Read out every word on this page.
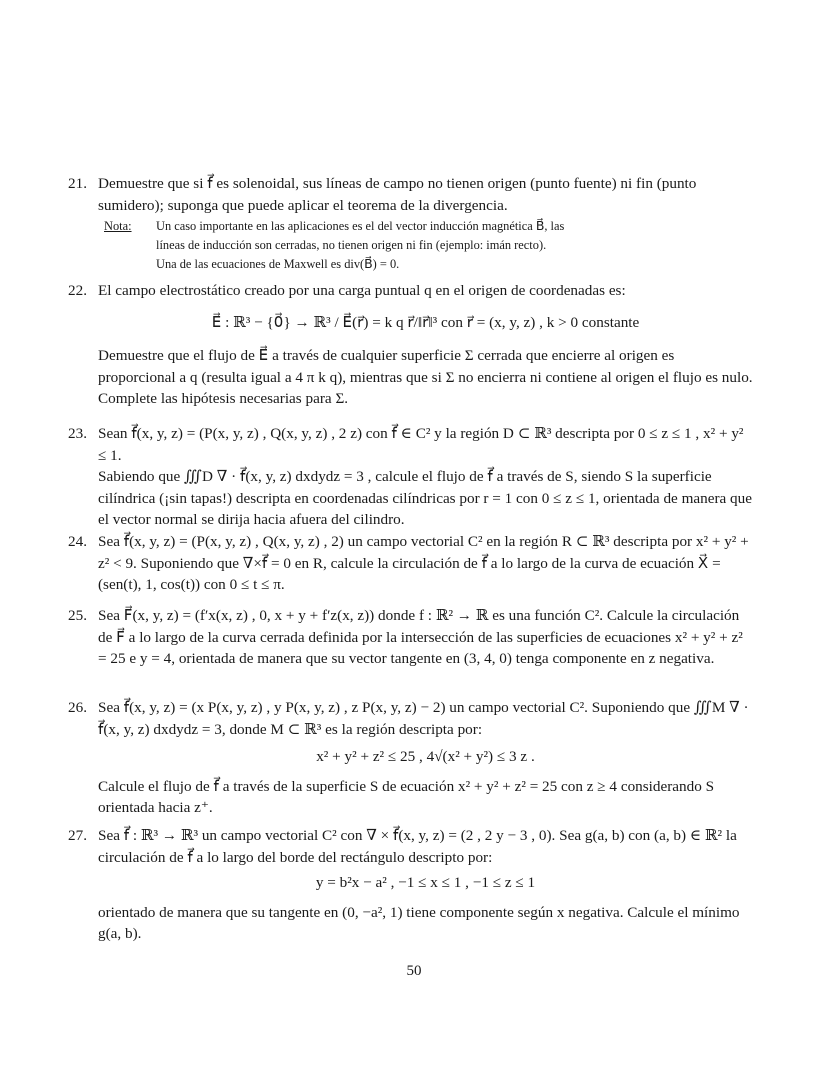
21. Demuestre que si f⃗ es solenoidal, sus líneas de campo no tienen origen (punto fuente) ni fin (punto sumidero); suponga que puede aplicar el teorema de la divergencia.
Nota: Un caso importante en las aplicaciones es el del vector inducción magnética B⃗, las
líneas de inducción son cerradas, no tienen origen ni fin (ejemplo: imán recto).
Una de las ecuaciones de Maxwell es div(B⃗) = 0.
22. El campo electrostático creado por una carga puntual q en el origen de coordenadas es:
E⃗ : ℝ³ − {0⃗} → ℝ³ / E⃗(r⃗) = k q r⃗/‖r⃗‖³ con r⃗ = (x, y, z) , k > 0 constante
Demuestre que el flujo de E⃗ a través de cualquier superficie Σ cerrada que encierre al origen es proporcional a q (resulta igual a 4 π k q), mientras que si Σ no encierra ni contiene al origen el flujo es nulo. Complete las hipótesis necesarias para Σ.
23. Sean f⃗(x, y, z) = (P(x, y, z) , Q(x, y, z) , 2 z) con f⃗ ∈ C² y la región D ⊂ ℝ³ descripta por 0 ≤ z ≤ 1 , x² + y² ≤ 1.
Sabiendo que ∭D ∇ · f⃗(x, y, z) dxdydz = 3 , calcule el flujo de f⃗ a través de S, siendo S la superficie cilíndrica (¡sin tapas!) descripta en coordenadas cilíndricas por r = 1 con 0 ≤ z ≤ 1, orientada de manera que el vector normal se dirija hacia afuera del cilindro.
24. Sea f⃗(x, y, z) = (P(x, y, z) , Q(x, y, z) , 2) un campo vectorial C² en la región R ⊂ ℝ³ descripta por x² + y² + z² < 9. Suponiendo que ∇×f⃗ = 0 en R, calcule la circulación de f⃗ a lo largo de la curva de ecuación X⃗ = (sen(t), 1, cos(t)) con 0 ≤ t ≤ π.
25. Sea F⃗(x, y, z) = (f′x(x, z) , 0, x + y + f′z(x, z)) donde f : ℝ² → ℝ es una función C². Calcule la circulación de F⃗ a lo largo de la curva cerrada definida por la intersección de las superficies de ecuaciones x² + y² + z² = 25 e y = 4, orientada de manera que su vector tangente en (3, 4, 0) tenga componente en z negativa.
26. Sea f⃗(x, y, z) = (x P(x, y, z) , y P(x, y, z) , z P(x, y, z) − 2) un campo vectorial C². Suponiendo que ∭M ∇ · f⃗(x, y, z) dxdydz = 3, donde M ⊂ ℝ³ es la región descripta por:
x² + y² + z² ≤ 25 , 4√(x² + y²) ≤ 3 z .
Calcule el flujo de f⃗ a través de la superficie S de ecuación x² + y² + z² = 25 con z ≥ 4 considerando S orientada hacia z⁺.
27. Sea f⃗ : ℝ³ → ℝ³ un campo vectorial C² con ∇ × f⃗(x, y, z) = (2 , 2 y − 3 , 0). Sea g(a, b) con (a, b) ∈ ℝ² la circulación de f⃗ a lo largo del borde del rectángulo descripto por:
y = b²x − a² , −1 ≤ x ≤ 1 , −1 ≤ z ≤ 1
orientado de manera que su tangente en (0, −a², 1) tiene componente según x negativa. Calcule el mínimo g(a, b).
50
